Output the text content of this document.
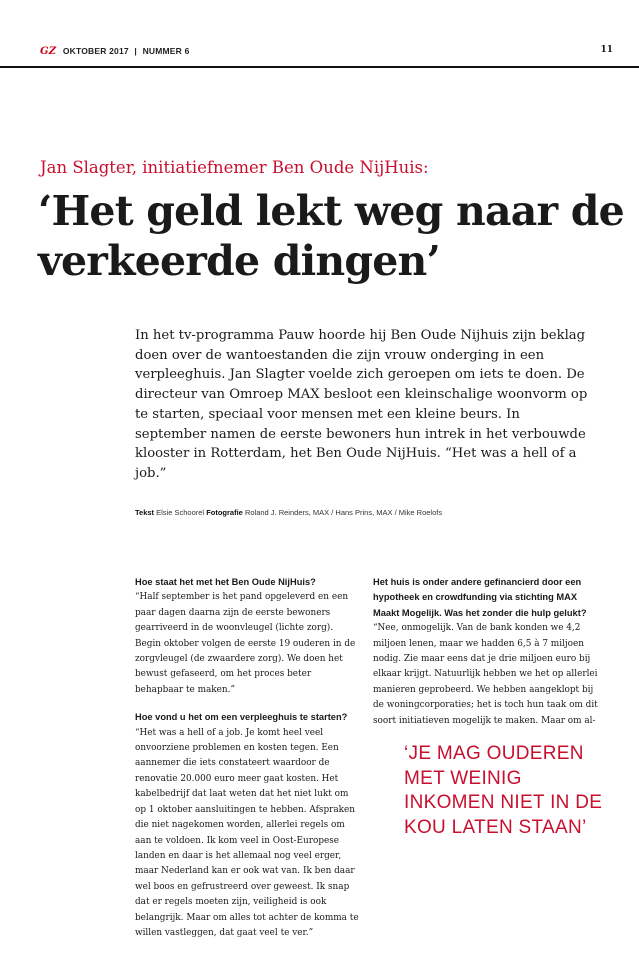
GZ OKTOBER 2017 | NUMMER 6	11
Jan Slagter, initiatiefnemer Ben Oude NijHuis:
‘Het geld lekt weg naar de verkeerde dingen’

In het tv-programma Pauw hoorde hij Ben Oude Nijhuis zijn beklag doen over de wantoestanden die zijn vrouw onderging in een verpleeghuis. Jan Slagter voelde zich geroepen om iets te doen. De directeur van Omroep MAX besloot een kleinschalige woonvorm op te starten, speciaal voor mensen met een kleine beurs. In september namen de eerste bewoners hun intrek in het verbouwde klooster in Rotterdam, het Ben Oude NijHuis. “Het was a hell of a job.”

Tekst Elsie Schoorel Fotografie Roland J. Reinders, MAX / Hans Prins, MAX / Mike Roelofs
Hoe staat het met het Ben Oude NijHuis?
“Half september is het pand opgeleverd en een paar dagen daarna zijn de eerste bewoners gearriveerd in de woonvleugel (lichte zorg). Begin oktober volgen de eerste 19 ouderen in de zorgvleugel (de zwaardere zorg). We doen het bewust gefaseerd, om het proces beter behapbaar te maken.”
Hoe vond u het om een verpleeghuis te starten?
“Het was a hell of a job. Je komt heel veel onvoorziene problemen en kosten tegen. Een aannemer die iets constateert waardoor de renovatie 20.000 euro meer gaat kosten. Het kabelbedrijf dat laat weten dat het niet lukt om op 1 oktober aansluitingen te hebben. Afspraken die niet nagekomen worden, allerlei regels om aan te voldoen. Ik kom veel in Oost-Europese landen en daar is het allemaal nog veel erger, maar Nederland kan er ook wat van. Ik ben daar wel boos en gefrustreerd over geweest. Ik snap dat er regels moeten zijn, veiligheid is ook belangrijk. Maar om alles tot achter de komma te willen vastleggen, dat gaat veel te ver.”
Het huis is onder andere gefinancierd door een hypotheek en crowdfunding via stichting MAX Maakt Mogelijk. Was het zonder die hulp gelukt?
“Nee, onmogelijk. Van de bank konden we 4,2 miljoen lenen, maar we hadden 6,5 à 7 miljoen nodig. Zie maar eens dat je drie miljoen euro bij elkaar krijgt. Natuurlijk hebben we het op allerlei manieren geprobeerd. We hebben aangeklopt bij de woningcorporaties; het is toch hun taak om dit soort initiatieven mogelijk te maken. Maar om al-
‘JE MAG OUDEREN MET WEINIG INKOMEN NIET IN DE KOU LATEN STAAN’
